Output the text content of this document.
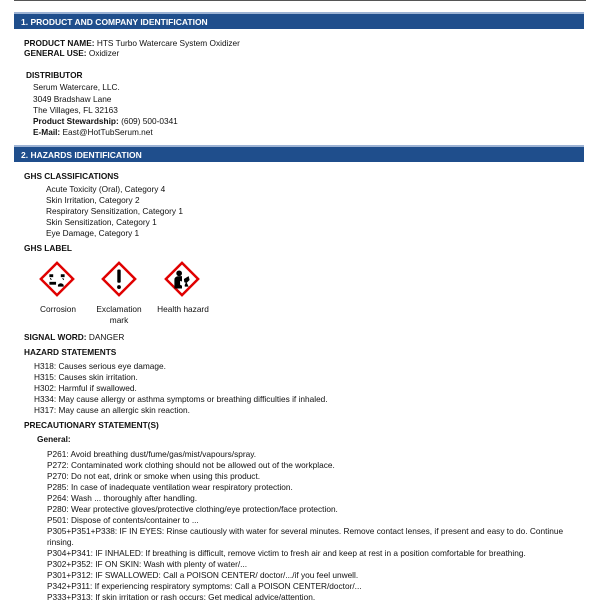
1. PRODUCT AND COMPANY IDENTIFICATION
PRODUCT NAME: HTS Turbo Watercare System Oxidizer
GENERAL USE: Oxidizer
DISTRIBUTOR
Serum Watercare, LLC.
3049 Bradshaw Lane
The Villages, FL 32163
Product Stewardship: (609) 500-0341
E-Mail: East@HotTubSerum.net
2. HAZARDS IDENTIFICATION
GHS CLASSIFICATIONS
Acute Toxicity (Oral), Category 4
Skin Irritation, Category 2
Respiratory Sensitization, Category 1
Skin Sensitization, Category 1
Eye Damage, Category 1
GHS LABEL
Corrosion	Exclamation mark
Health hazard
SIGNAL WORD: DANGER
HAZARD STATEMENTS
H318: Causes serious eye damage.
H315: Causes skin irritation.
H302: Harmful if swallowed.
H334: May cause allergy or asthma symptoms or breathing difficulties if inhaled.
H317: May cause an allergic skin reaction.
PRECAUTIONARY STATEMENT(S)
General:
P261: Avoid breathing dust/fume/gas/mist/vapours/spray.
P272: Contaminated work clothing should not be allowed out of the workplace.
P270: Do not eat, drink or smoke when using this product.
P285: In case of inadequate ventilation wear respiratory protection.
P264: Wash ... thoroughly after handling.
P280: Wear protective gloves/protective clothing/eye protection/face protection.
P501: Dispose of contents/container to ...
P305+P351+P338: IF IN EYES: Rinse cautiously with water for several minutes. Remove contact lenses, if present and easy to do. Continue rinsing.
P304+P341: IF INHALED: If breathing is difficult, remove victim to fresh air and keep at rest in a position comfortable for breathing.
P302+P352: IF ON SKIN: Wash with plenty of water/...
P301+P312: IF SWALLOWED: Call a POISON CENTER/ doctor/.../if you feel unwell.
P342+P311: If experiencing respiratory symptoms: Call a POISON CENTER/doctor/...
P333+P313: If skin irritation or rash occurs: Get medical advice/attention.
